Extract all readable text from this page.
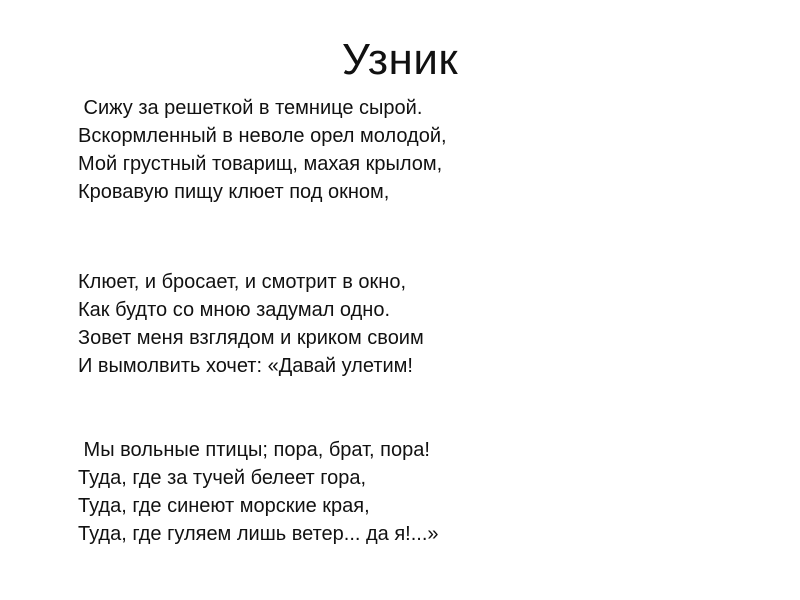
Узник
Сижу за решеткой в темнице сырой.
Вскормленный в неволе орел молодой,
Мой грустный товарищ, махая крылом,
Кровавую пищу клюет под окном,
Клюет, и бросает, и смотрит в окно,
Как будто со мною задумал одно.
Зовет меня взглядом и криком своим
И вымолвить хочет: «Давай улетим!
Мы вольные птицы; пора, брат, пора!
Туда, где за тучей белеет гора,
Туда, где синеют морские края,
Туда, где гуляем лишь ветер... да я!...»
